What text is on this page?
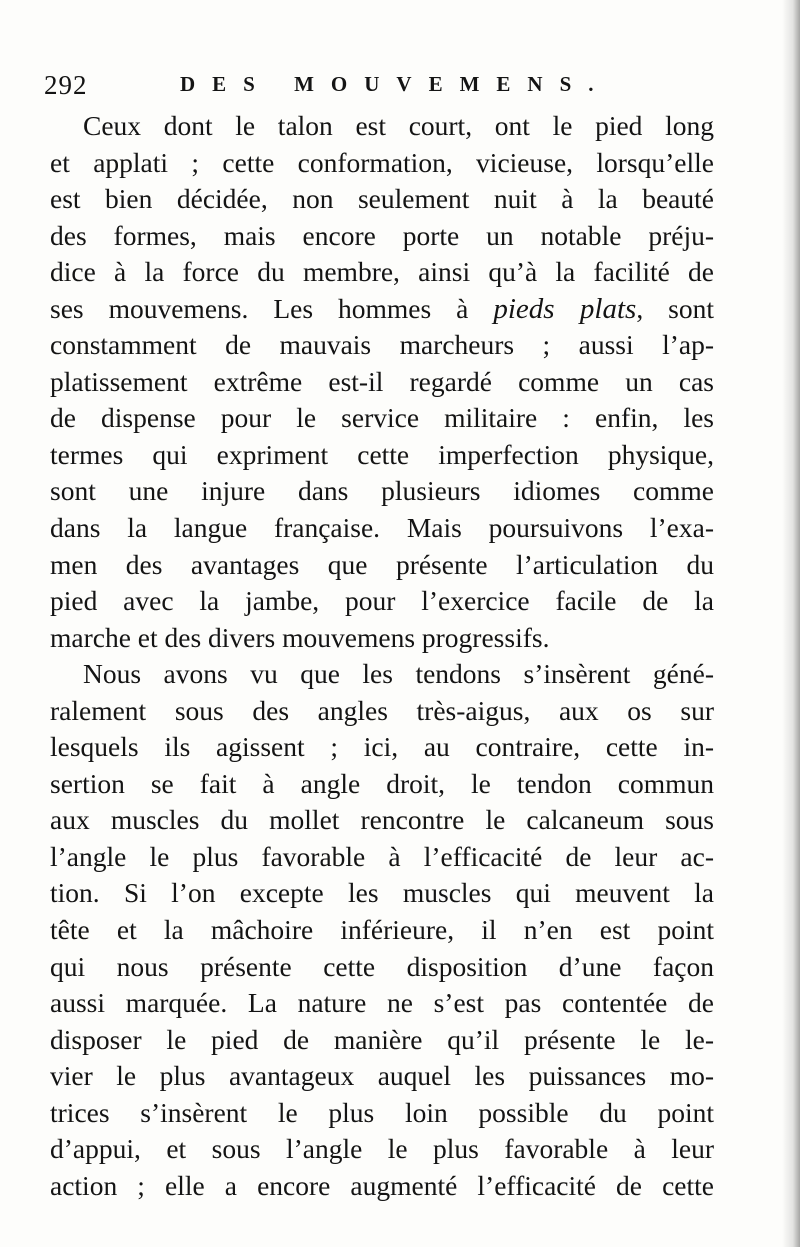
292	DES MOUVEMENS.
Ceux dont le talon est court, ont le pied long
et applati ; cette conformation, vicieuse, lorsqu’elle
est bien décidée, non seulement nuit à la beauté
des formes, mais encore porte un notable préju-
dice à la force du membre, ainsi qu’à la facilité de
ses mouvemens. Les hommes à pieds plats, sont
constamment de mauvais marcheurs ; aussi l’ap-
platissement extrême est-il regardé comme un cas
de dispense pour le service militaire : enfin, les
termes qui expriment cette imperfection physique,
sont une injure dans plusieurs idiomes comme
dans la langue française. Mais poursuivons l’exa-
men des avantages que présente l’articulation du
pied avec la jambe, pour l’exercice facile de la
marche et des divers mouvemens progressifs.
Nous avons vu que les tendons s’insèrent géné-
ralement sous des angles très-aigus, aux os sur
lesquels ils agissent ; ici, au contraire, cette in-
sertion se fait à angle droit, le tendon commun
aux muscles du mollet rencontre le calcaneum sous
l’angle le plus favorable à l’efficacité de leur ac-
tion. Si l’on excepte les muscles qui meuvent la
tête et la mâchoire inférieure, il n’en est point
qui nous présente cette disposition d’une façon
aussi marquée. La nature ne s’est pas contentée de
disposer le pied de manière qu’il présente le le-
vier le plus avantageux auquel les puissances mo-
trices s’insèrent le plus loin possible du point
d’appui, et sous l’angle le plus favorable à leur
action ; elle a encore augmenté l’efficacité de cette
